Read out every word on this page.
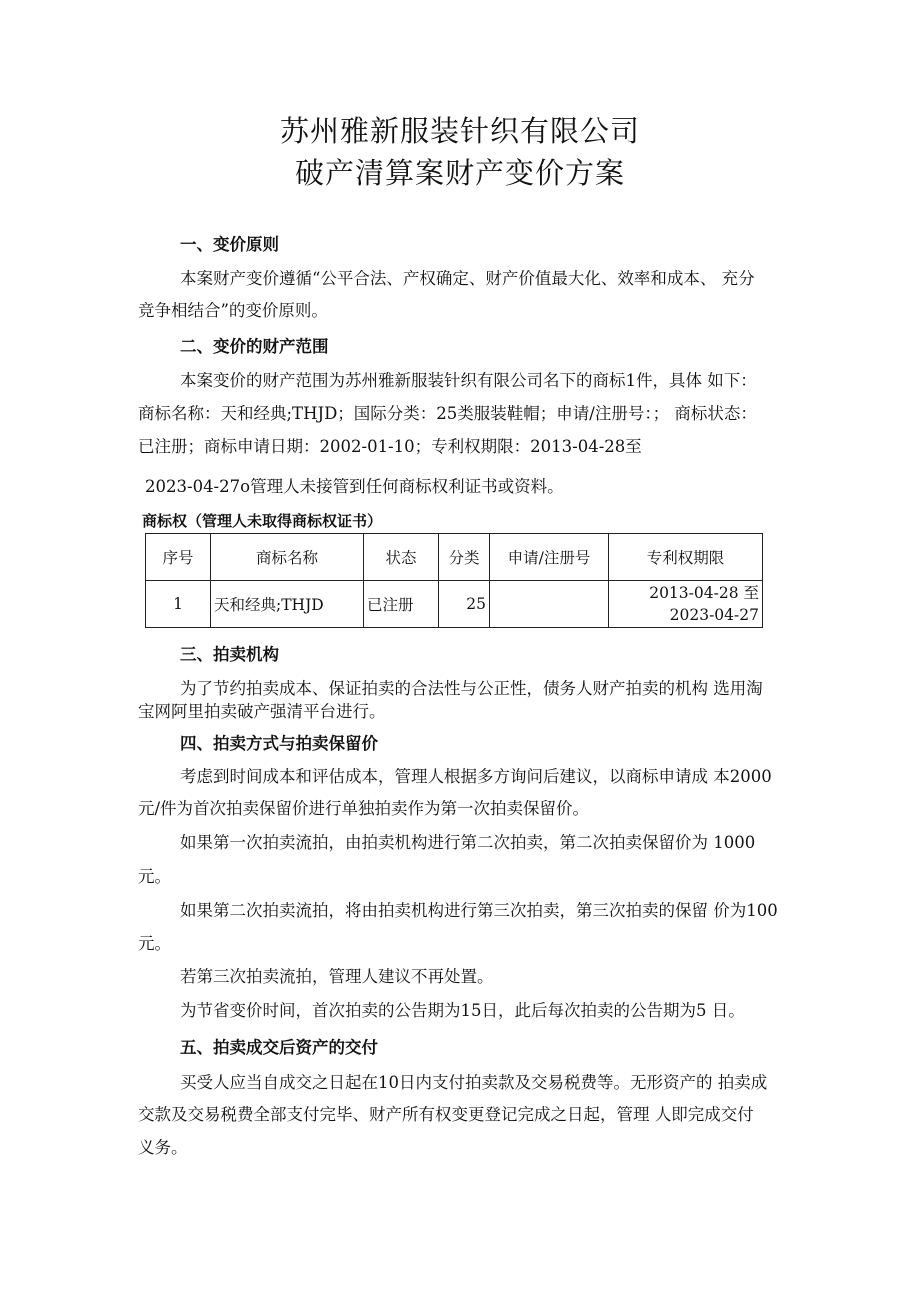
苏州雅新服装针织有限公司
破产清算案财产变价方案
一、变价原则
本案财产变价遵循“公平合法、产权确定、财产价值最大化、效率和成本、 充分
竞争相结合”的变价原则。
二、变价的财产范围
本案变价的财产范围为苏州雅新服装针织有限公司名下的商标1件，具体 如下：
商标名称：天和经典;THJD；国际分类：25类服装鞋帽；申请/注册号：； 商标状态：
已注册；商标申请日期：2002-01-10；专利权期限：2013-04-28至
2023-04-27o管理人未接管到任何商标权利证书或资料。
商标权（管理人未取得商标权证书）
序号	商标名称	状态	分类	申请/注册号	专利权期限
1	天和经典;THJD	已注册	25		2013-04-28 至
2023-04-27
三、拍卖机构
为了节约拍卖成本、保证拍卖的合法性与公正性，债务人财产拍卖的机构 选用淘
宝网阿里拍卖破产强清平台进行。
四、拍卖方式与拍卖保留价
考虑到时间成本和评估成本，管理人根据多方询问后建议，以商标申请成 本2000
元/件为首次拍卖保留价进行单独拍卖作为第一次拍卖保留价。
如果第一次拍卖流拍，由拍卖机构进行第二次拍卖，第二次拍卖保留价为 1000
元。
如果第二次拍卖流拍，将由拍卖机构进行第三次拍卖，第三次拍卖的保留 价为100
元。
若第三次拍卖流拍，管理人建议不再处置。
为节省变价时间，首次拍卖的公告期为15日，此后每次拍卖的公告期为5 日。
五、拍卖成交后资产的交付
买受人应当自成交之日起在10日内支付拍卖款及交易税费等。无形资产的 拍卖成
交款及交易税费全部支付完毕、财产所有权变更登记完成之日起，管理 人即完成交付
义务。
